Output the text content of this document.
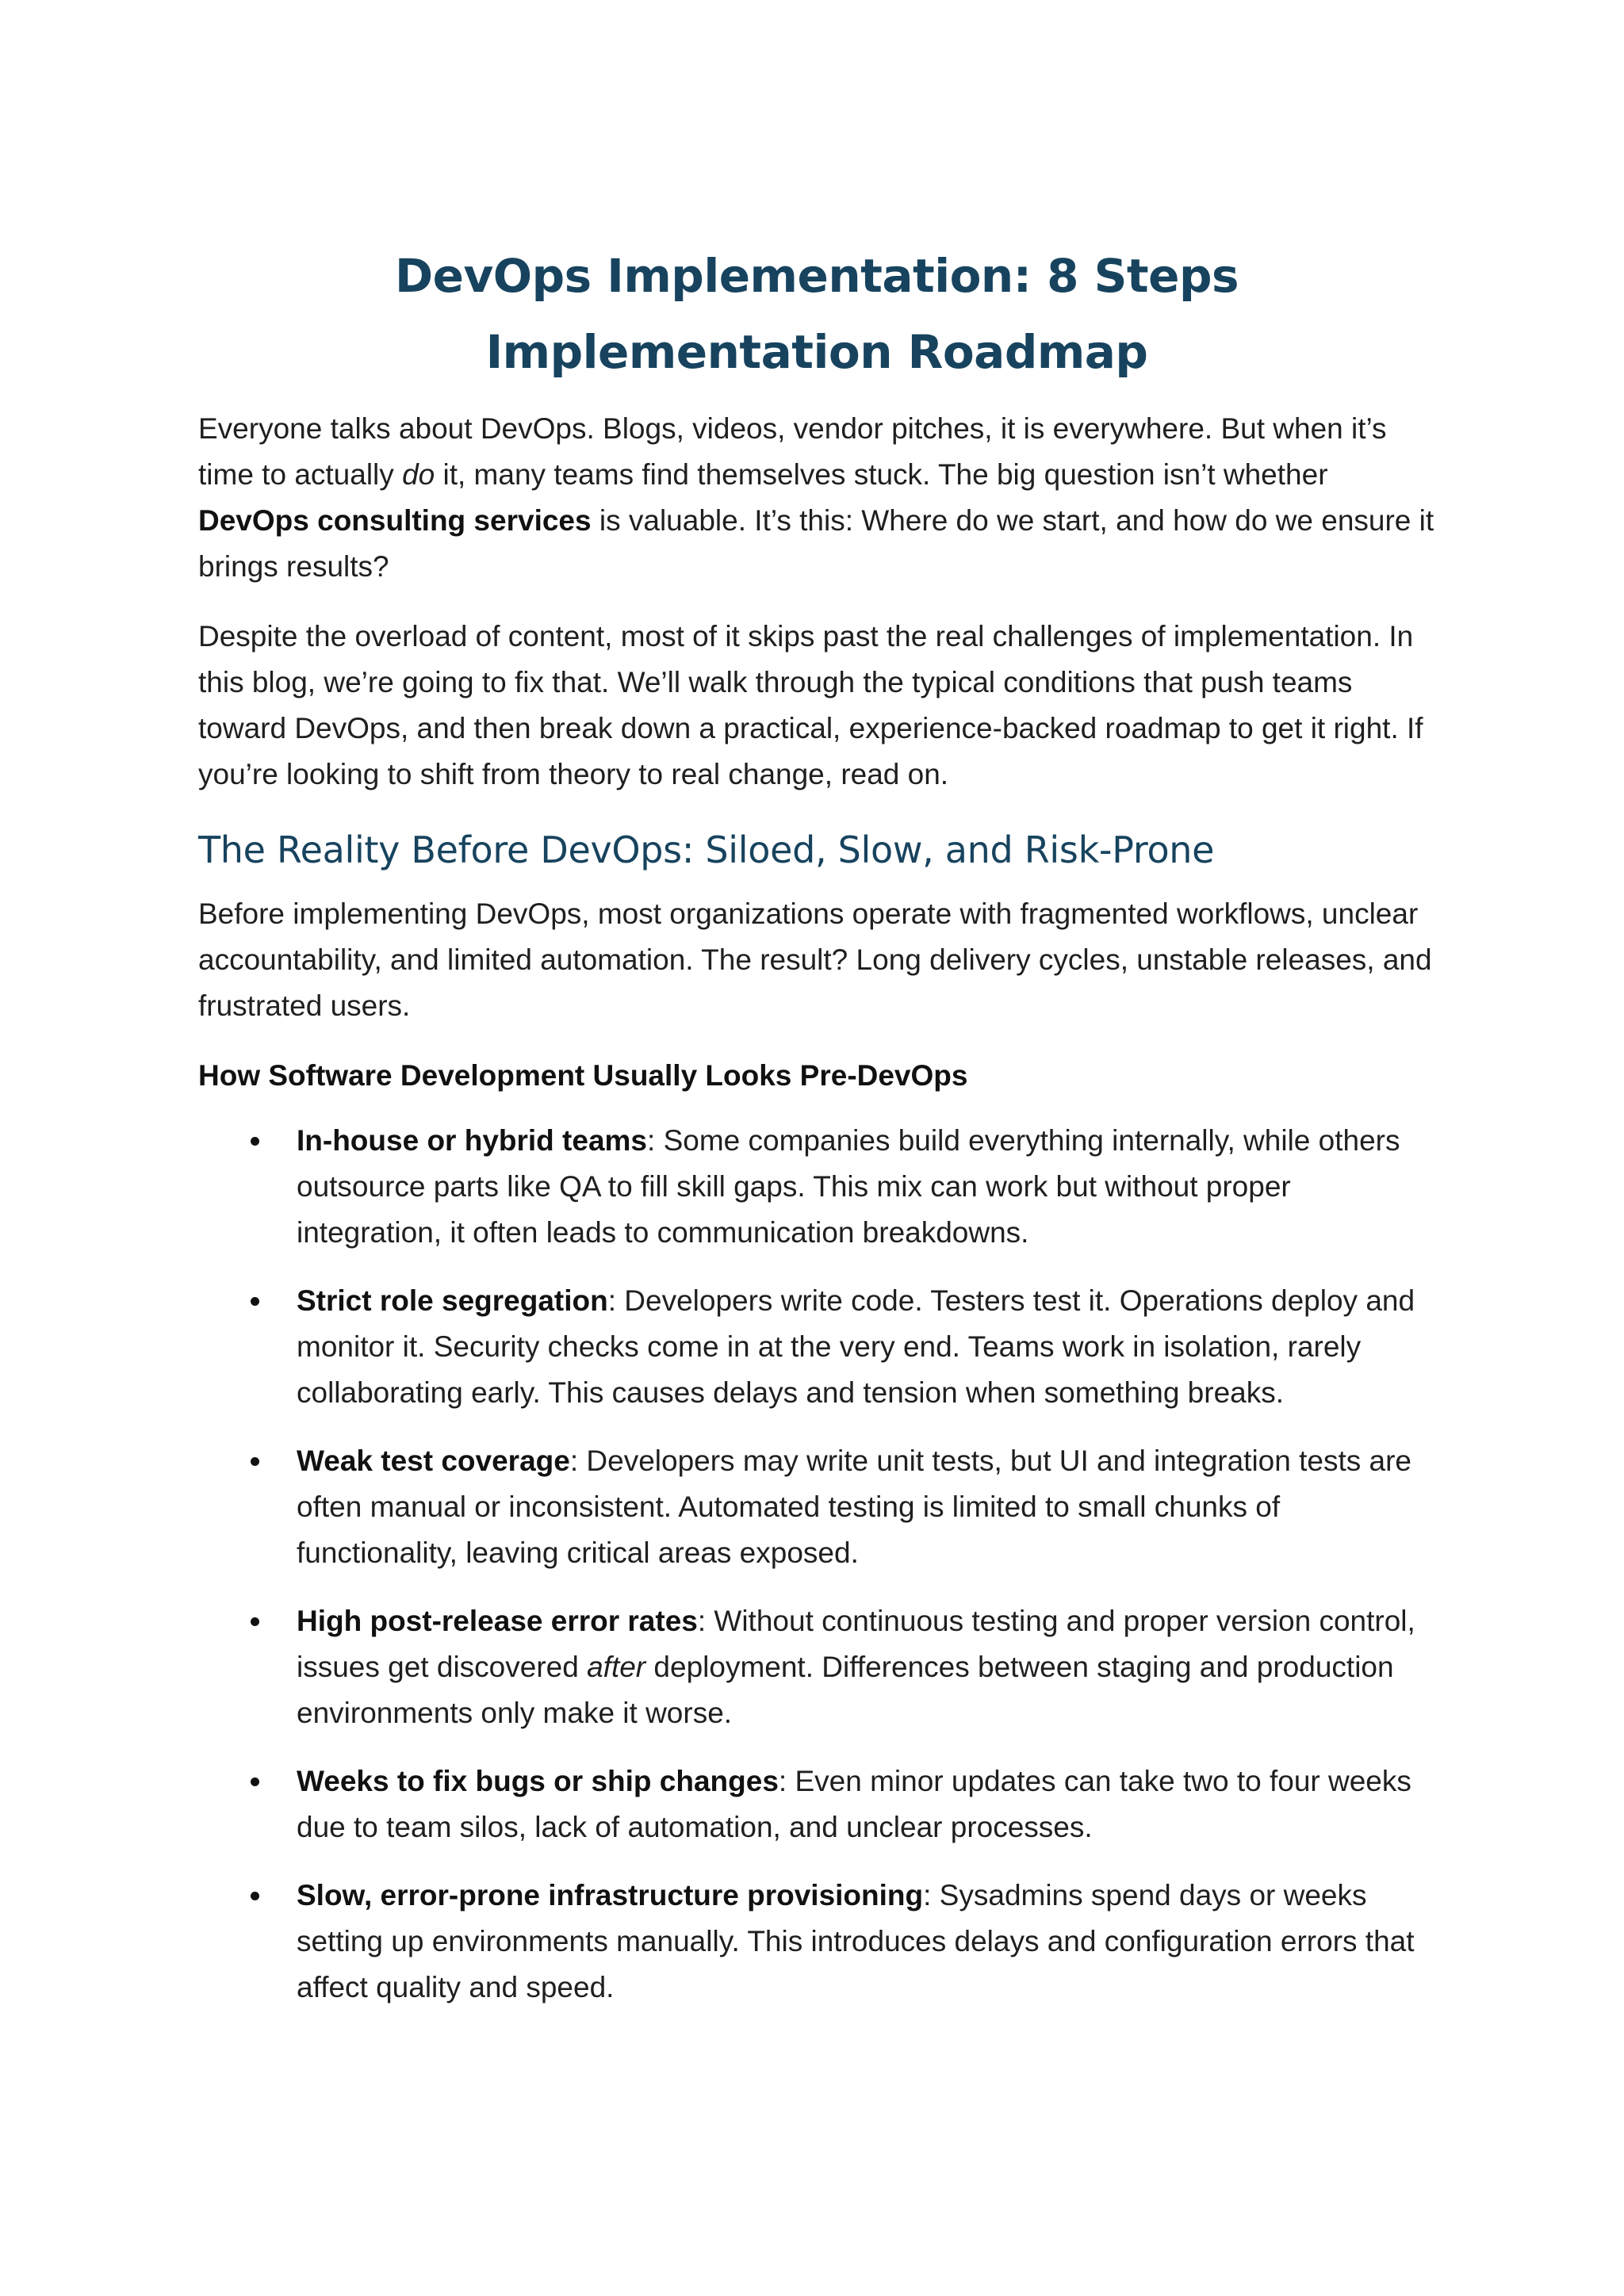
DevOps Implementation: 8 Steps Implementation Roadmap

Everyone talks about DevOps. Blogs, videos, vendor pitches, it is everywhere. But when it’s time to actually do it, many teams find themselves stuck. The big question isn’t whether DevOps consulting services is valuable. It’s this: Where do we start, and how do we ensure it brings results?

Despite the overload of content, most of it skips past the real challenges of implementation. In this blog, we’re going to fix that. We’ll walk through the typical conditions that push teams toward DevOps, and then break down a practical, experience-backed roadmap to get it right. If you’re looking to shift from theory to real change, read on.

The Reality Before DevOps: Siloed, Slow, and Risk-Prone

Before implementing DevOps, most organizations operate with fragmented workflows, unclear accountability, and limited automation. The result? Long delivery cycles, unstable releases, and frustrated users.

How Software Development Usually Looks Pre-DevOps
In-house or hybrid teams: Some companies build everything internally, while others outsource parts like QA to fill skill gaps. This mix can work but without proper integration, it often leads to communication breakdowns.
Strict role segregation: Developers write code. Testers test it. Operations deploy and monitor it. Security checks come in at the very end. Teams work in isolation, rarely collaborating early. This causes delays and tension when something breaks.
Weak test coverage: Developers may write unit tests, but UI and integration tests are often manual or inconsistent. Automated testing is limited to small chunks of functionality, leaving critical areas exposed.
High post-release error rates: Without continuous testing and proper version control, issues get discovered after deployment. Differences between staging and production environments only make it worse.
Weeks to fix bugs or ship changes: Even minor updates can take two to four weeks due to team silos, lack of automation, and unclear processes.
Slow, error-prone infrastructure provisioning: Sysadmins spend days or weeks setting up environments manually. This introduces delays and configuration errors that affect quality and speed.
